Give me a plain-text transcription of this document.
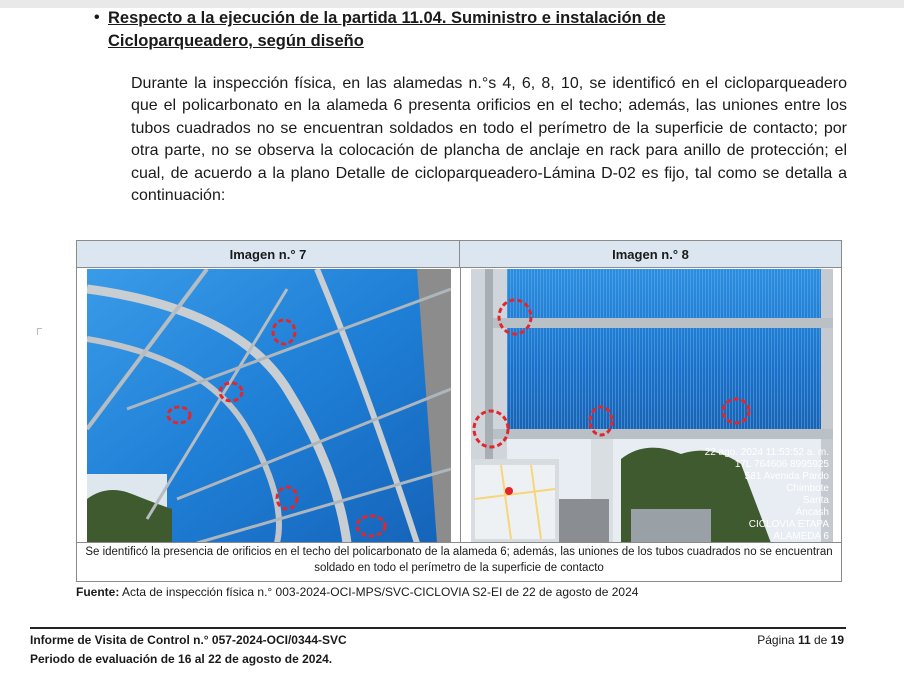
• Respecto a la ejecución de la partida 11.04. Suministro e instalación de
Cicloparqueadero, según diseño
Durante la inspección física, en las alamedas n.°s 4, 6, 8, 10, se identificó en el cicloparqueadero que el policarbonato en la alameda 6 presenta orificios en el techo; además, las uniones entre los tubos cuadrados no se encuentran soldados en todo el perímetro de la superficie de contacto; por otra parte, no se observa la colocación de plancha de anclaje en rack para anillo de protección; el cual, de acuerdo a la plano Detalle de cicloparqueadero-Lámina D-02 es fijo, tal como se detalla a continuación:
Imagen n.° 7	Imagen n.° 8
22 ago. 2024 11:53:52 a. m.
17L 764606 8995925
581 Avenida Pardo
Chimbote
Santa
Áncash
CICLOVIA ETAPA
ALAMEDA 6
Se identificó la presencia de orificios en el techo del policarbonato de la alameda 6; además, las uniones de los tubos cuadrados no se encuentran soldado en todo el perímetro de la superficie de contacto
Fuente: Acta de inspección física n.° 003-2024-OCI-MPS/SVC-CICLOVIA S2-EI de 22 de agosto de 2024
Informe de Visita de Control n.° 057-2024-OCI/0344-SVC
Periodo de evaluación de 16 al 22 de agosto de 2024.
Página 11 de 19
